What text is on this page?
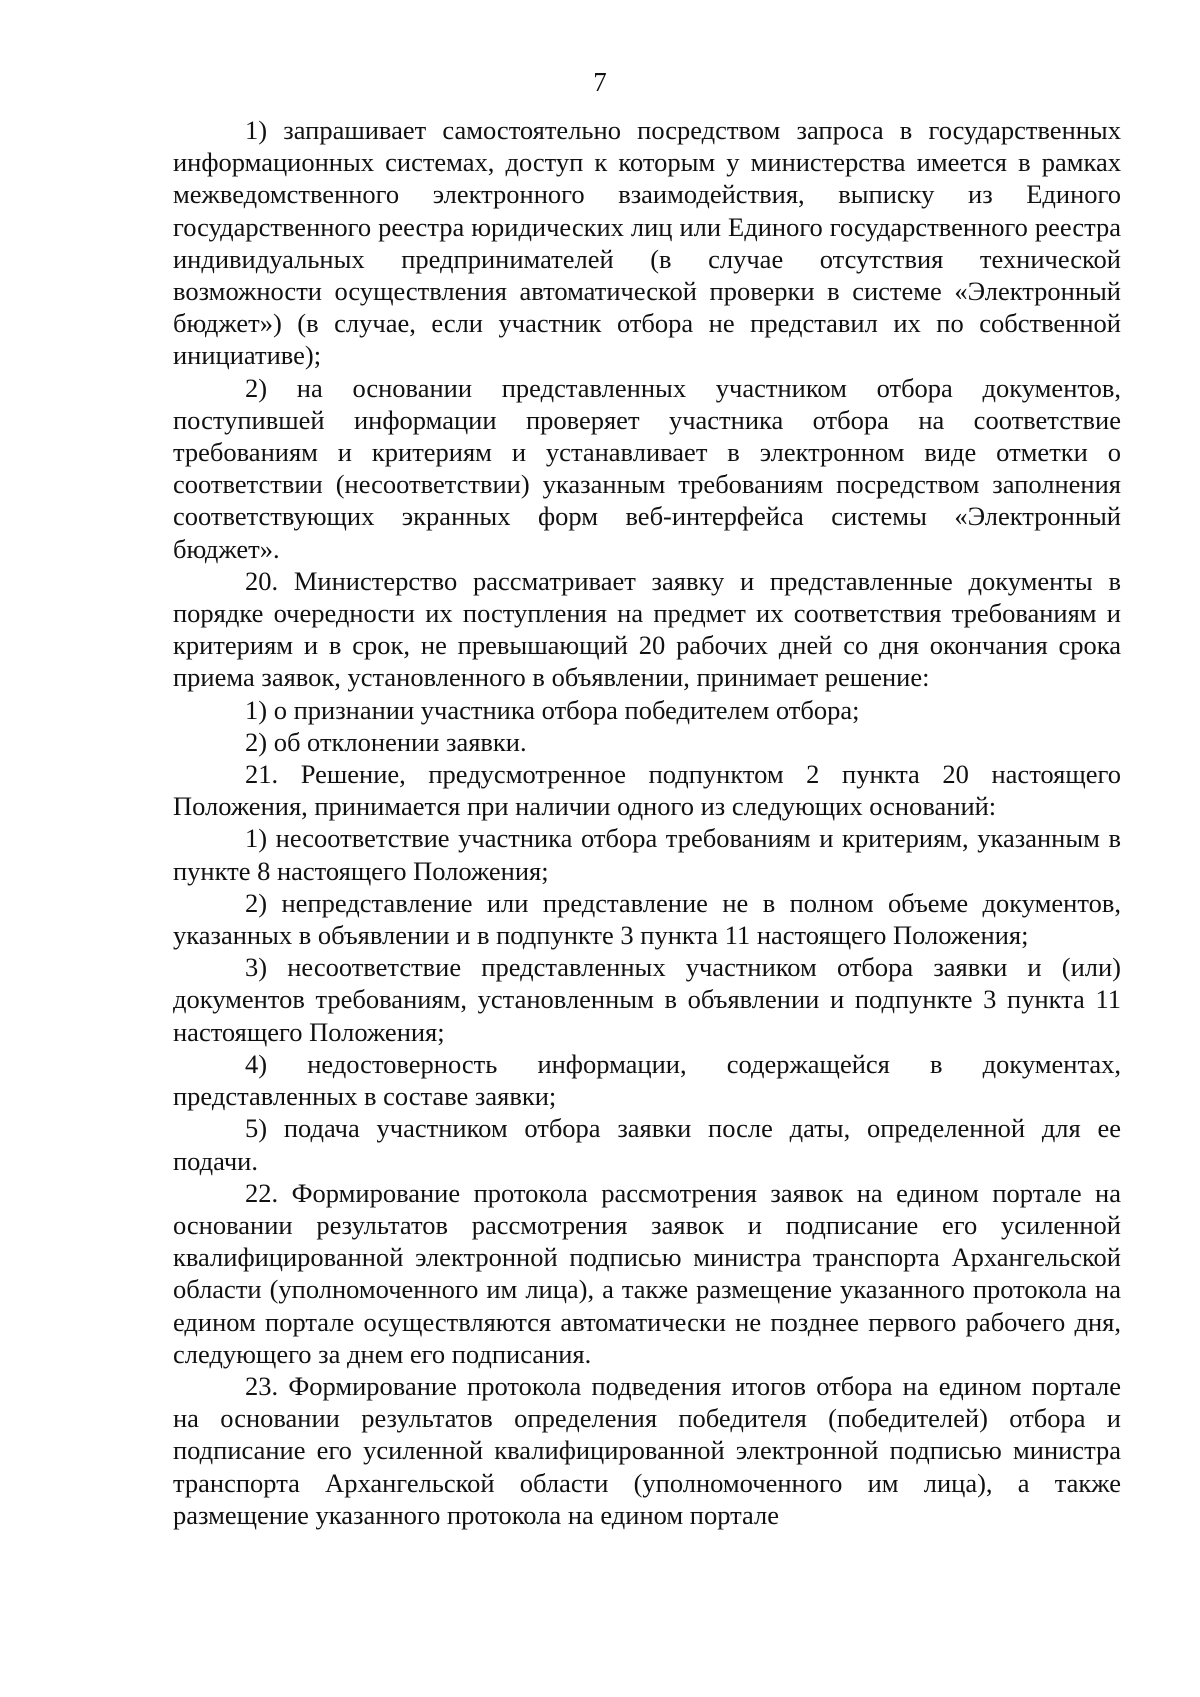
7

1) запрашивает самостоятельно посредством запроса в государственных информационных системах, доступ к которым у министерства имеется в рамках межведомственного электронного взаимодействия, выписку из Единого государственного реестра юридических лиц или Единого государственного реестра индивидуальных предпринимателей (в случае отсутствия технической возможности осуществления автоматической проверки в системе «Электронный бюджет») (в случае, если участник отбора не представил их по собственной инициативе);

2) на основании представленных участником отбора документов, поступившей информации проверяет участника отбора на соответствие требованиям и критериям и устанавливает в электронном виде отметки о соответствии (несоответствии) указанным требованиям посредством заполнения соответствующих экранных форм веб-интерфейса системы «Электронный бюджет».

20. Министерство рассматривает заявку и представленные документы в порядке очередности их поступления на предмет их соответствия требованиям и критериям и в срок, не превышающий 20 рабочих дней со дня окончания срока приема заявок, установленного в объявлении, принимает решение:

1) о признании участника отбора победителем отбора;

2) об отклонении заявки.

21. Решение, предусмотренное подпунктом 2 пункта 20 настоящего Положения, принимается при наличии одного из следующих оснований:

1) несоответствие участника отбора требованиям и критериям, указанным в пункте 8 настоящего Положения;

2) непредставление или представление не в полном объеме документов, указанных в объявлении и в подпункте 3 пункта 11 настоящего Положения;

3) несоответствие представленных участником отбора заявки и (или) документов требованиям, установленным в объявлении и подпункте 3 пункта 11 настоящего Положения;

4) недостоверность информации, содержащейся в документах, представленных в составе заявки;

5) подача участником отбора заявки после даты, определенной для ее подачи.

22. Формирование протокола рассмотрения заявок на едином портале на основании результатов рассмотрения заявок и подписание его усиленной квалифицированной электронной подписью министра транспорта Архангельской области (уполномоченного им лица), а также размещение указанного протокола на едином портале осуществляются автоматически не позднее первого рабочего дня, следующего за днем его подписания.

23. Формирование протокола подведения итогов отбора на едином портале на основании результатов определения победителя (победителей) отбора и подписание его усиленной квалифицированной электронной подписью министра транспорта Архангельской области (уполномоченного им лица), а также размещение указанного протокола на едином портале
